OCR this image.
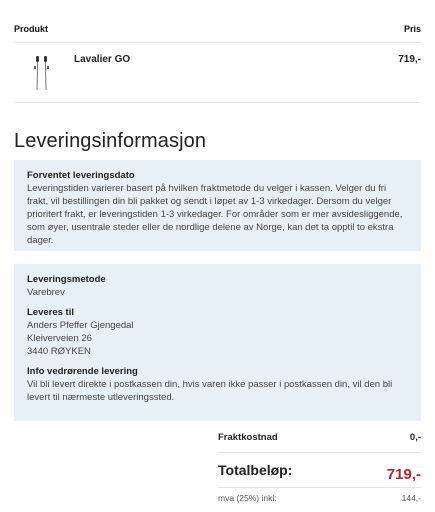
Produkt	Pris
Lavalier GO	719,-
Leveringsinformasjon
Forventet leveringsdato
Leveringstiden varierer basert på hvilken fraktmetode du velger i kassen. Velger du fri frakt, vil bestillingen din bli pakket og sendt i løpet av 1-3 virkedager. Dersom du velger prioritert frakt, er leveringstiden 1-3 virkedager. For områder som er mer avsidesliggende, som øyer, usentrale steder eller de nordlige delene av Norge, kan det ta opptil to ekstra dager.
Leveringsmetode
Varebrev
Leveres til
Anders Pfeffer Gjengedal
Kleiverveien 26
3440 RØYKEN
Info vedrørende levering
Vil bli levert direkte i postkassen din, hvis varen ikke passer i postkassen din, vil den bli levert til nærmeste utleveringssted.
Fraktkostnad	0,-
Totalbeløp:	719,-
mva (25%) inkl:	144,-
